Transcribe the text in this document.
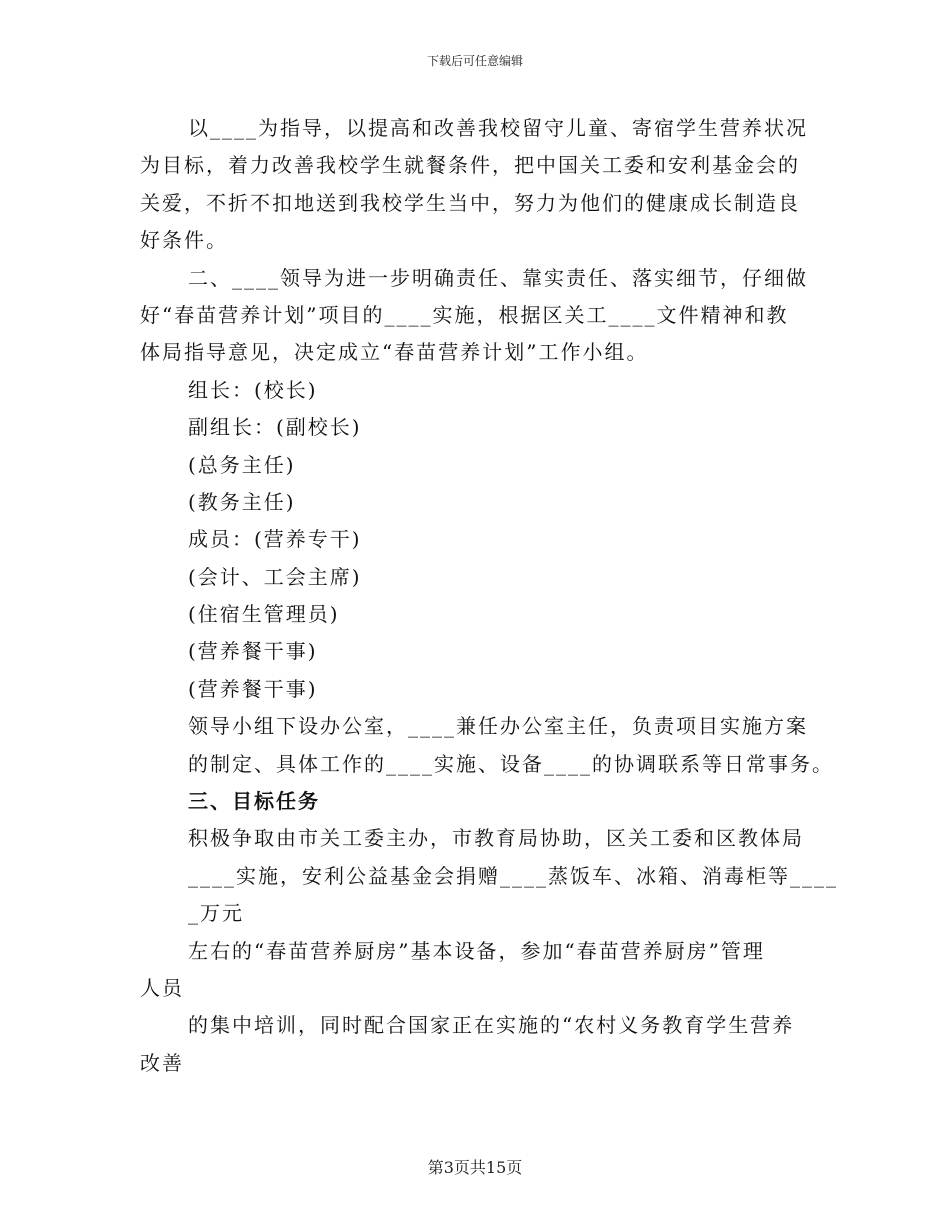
下载后可任意编辑
以____为指导，以提高和改善我校留守儿童、寄宿学生营养状况
为目标，着力改善我校学生就餐条件，把中国关工委和安利基金会的
关爱，不折不扣地送到我校学生当中，努力为他们的健康成长制造良
好条件。
二、____领导为进一步明确责任、靠实责任、落实细节，仔细做
好“春苗营养计划”项目的____实施，根据区关工____文件精神和教
体局指导意见，决定成立“春苗营养计划”工作小组。
组长：(校长)
副组长：(副校长)
(总务主任)
(教务主任)
成员：(营养专干)
(会计、工会主席)
(住宿生管理员)
(营养餐干事)
(营养餐干事)
领导小组下设办公室，____兼任办公室主任，负责项目实施方案
的制定、具体工作的____实施、设备____的协调联系等日常事务。
三、目标任务
积极争取由市关工委主办，市教育局协助，区关工委和区教体局
____实施，安利公益基金会捐赠____蒸饭车、冰箱、消毒柜等____
_万元
左右的“春苗营养厨房”基本设备，参加“春苗营养厨房”管理
人员
的集中培训，同时配合国家正在实施的“农村义务教育学生营养
改善
第3页共15页
